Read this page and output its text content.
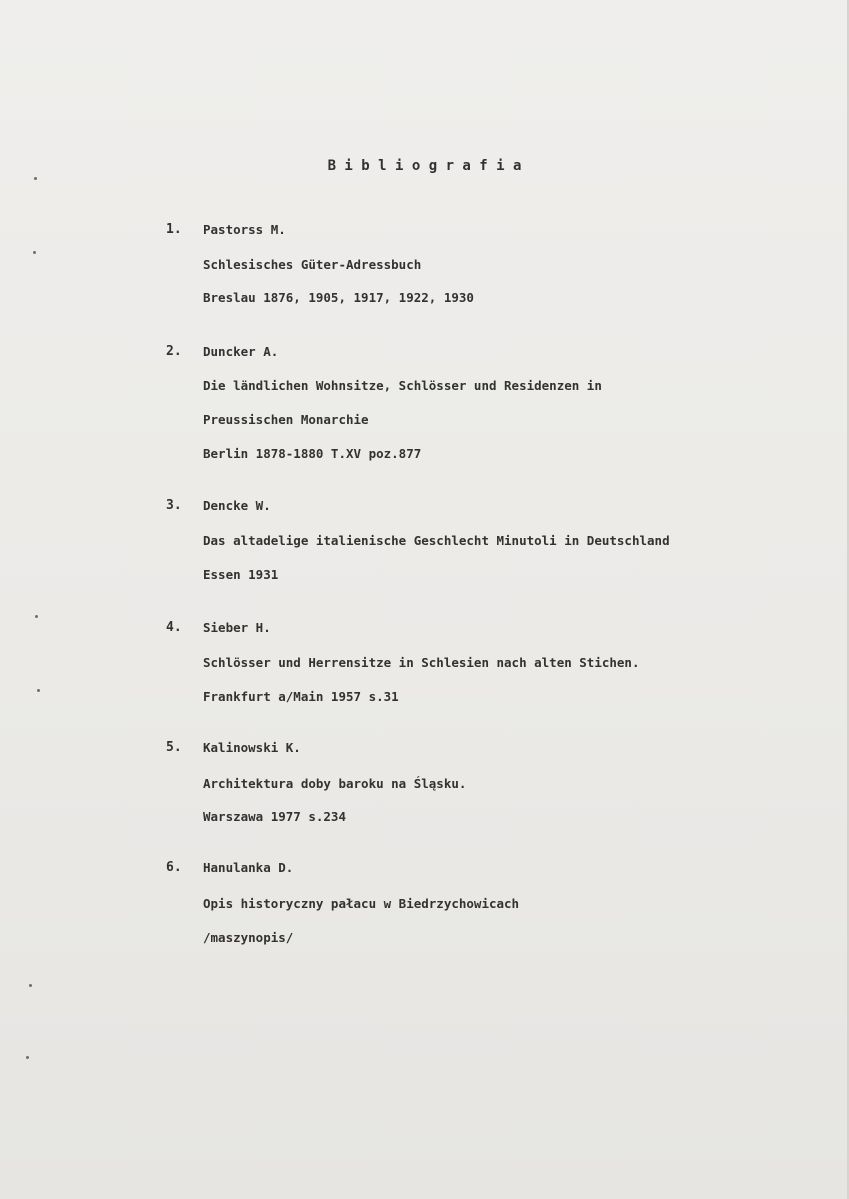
B i b l i o g r a f i a
1. Pastorss M.
Schlesisches Güter-Adressbuch
Breslau 1876, 1905, 1917, 1922, 1930
2. Duncker A.
Die ländlichen Wohnsitze, Schlösser und Residenzen in
Preussischen Monarchie
Berlin 1878-1880 T.XV poz.877
3. Dencke W.
Das altadelige italienische Geschlecht Minutoli in Deutschland
Essen 1931
4. Sieber H.
Schlösser und Herrensitze in Schlesien nach alten Stichen.
Frankfurt a/Main 1957 s.31
5. Kalinowski K.
Architektura doby baroku na Śląsku.
Warszawa 1977 s.234
6. Hanulanka D.
Opis historyczny pałacu w Biedrzychowicach
/maszynopis/
